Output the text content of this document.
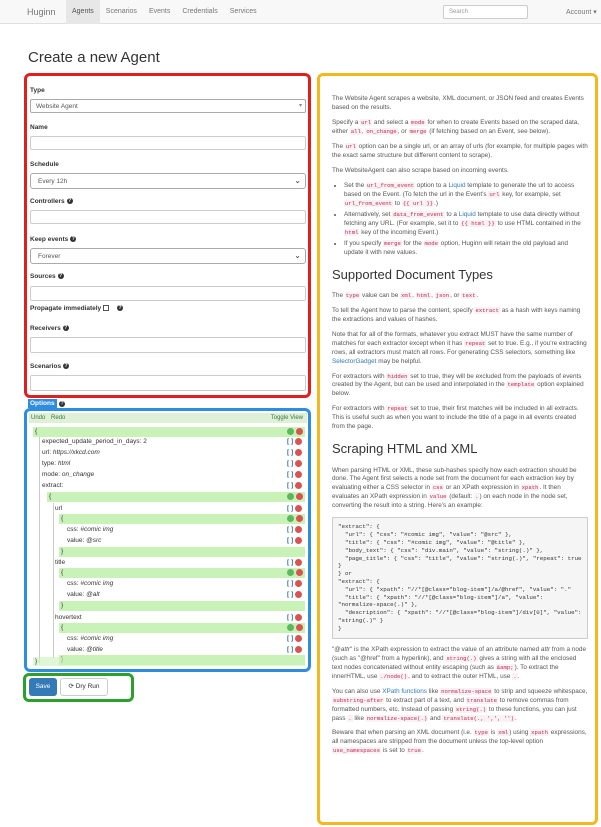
Huginn	Agents	Scenarios	Events	Credentials	Services	Search	Account ▾
Create a new Agent
Type
Website Agent	▾
Name
Schedule
Every 12h	⌄
Controllers ?
Keep events ?
Forever	⌄
Sources ?
Propagate immediately	?
Receivers ?
Scenarios ?
Options	?
Undo Redo	Toggle View
{
expected_update_period_in_days: 2	[ ]
url: https://xkcd.com	[ ]
type: html	[ ]
mode: on_change	[ ]
extract:	[ ]
{
url	[ ]
{
css: #comic img	[ ]
value: @src	[ ]
}
title	[ ]
{
css: #comic img	[ ]
value: @alt	[ ]
}
hovertext	[ ]
{
css: #comic img	[ ]
value: @title	[ ]
}
Save	⟳ Dry Run

The Website Agent scrapes a website, XML document, or JSON feed and creates Events based on the results.

Specify a url and select a mode for when to create Events based on the scraped data, either all, on_change, or merge (if fetching based on an Event, see below).

The url option can be a single url, or an array of urls (for example, for multiple pages with the exact same structure but different content to scrape).

The WebsiteAgent can also scrape based on incoming events.

• Set the url_from_event option to a Liquid template to generate the url to access based on the Event. (To fetch the url in the Event's url key, for example, set url_from_event to {{ url }}.)
• Alternatively, set data_from_event to a Liquid template to use data directly without fetching any URL. (For example, set it to {{ html }} to use HTML contained in the html key of the incoming Event.)
• If you specify merge for the mode option, Huginn will retain the old payload and update it with new values.
Supported Document Types

The type value can be xml, html, json, or text.

To tell the Agent how to parse the content, specify extract as a hash with keys naming the extractions and values of hashes.

Note that for all of the formats, whatever you extract MUST have the same number of matches for each extractor except when it has repeat set to true. E.g., if you're extracting rows, all extractors must match all rows. For generating CSS selectors, something like SelectorGadget may be helpful.

For extractors with hidden set to true, they will be excluded from the payloads of events created by the Agent, but can be used and interpolated in the template option explained below.

For extractors with repeat set to true, their first matches will be included in all extracts. This is useful such as when you want to include the title of a page in all events created from the page.

Scraping HTML and XML

When parsing HTML or XML, these sub-hashes specify how each extraction should be done. The Agent first selects a node set from the document for each extraction key by evaluating either a CSS selector in css or an XPath expression in xpath. It then evaluates an XPath expression in value (default: .) on each node in the node set, converting the result into a string. Here's an example:

"extract": {
"url": { "css": "#comic img", "value": "@src" },
"title": { "css": "#comic img", "value": "@title" },
"body_text": { "css": "div.main", "value": "string(.)" },
"page_title": { "css": "title", "value": "string(.)", "repeat": true }
} or
"extract": {
"url": { "xpath": "//*[@class="blog-item"]/a/@href", "value": "."
"title": { "xpath": "//*[@class="blog-item"]/a", "value": "normalize-space(.)" },
"description": { "xpath": "//*[@class="blog-item"]/div[0]", "value": "string(.)" }
}

"@attr" is the XPath expression to extract the value of an attribute named attr from a node (such as "@href" from a hyperlink), and string(.) gives a string with all the enclosed text nodes concatenated without entity escaping (such as &amp;). To extract the innerHTML, use ./node(), and to extract the outer HTML, use ..

You can also use XPath functions like normalize-space to strip and squeeze whitespace, substring-after to extract part of a text, and translate to remove commas from formatted numbers, etc. Instead of passing string(.) to these functions, you can just pass . like normalize-space(.) and translate(., ',', '').

Beware that when parsing an XML document (i.e. type is xml) using xpath expressions, all namespaces are stripped from the document unless the top-level option use_namespaces is set to true.
